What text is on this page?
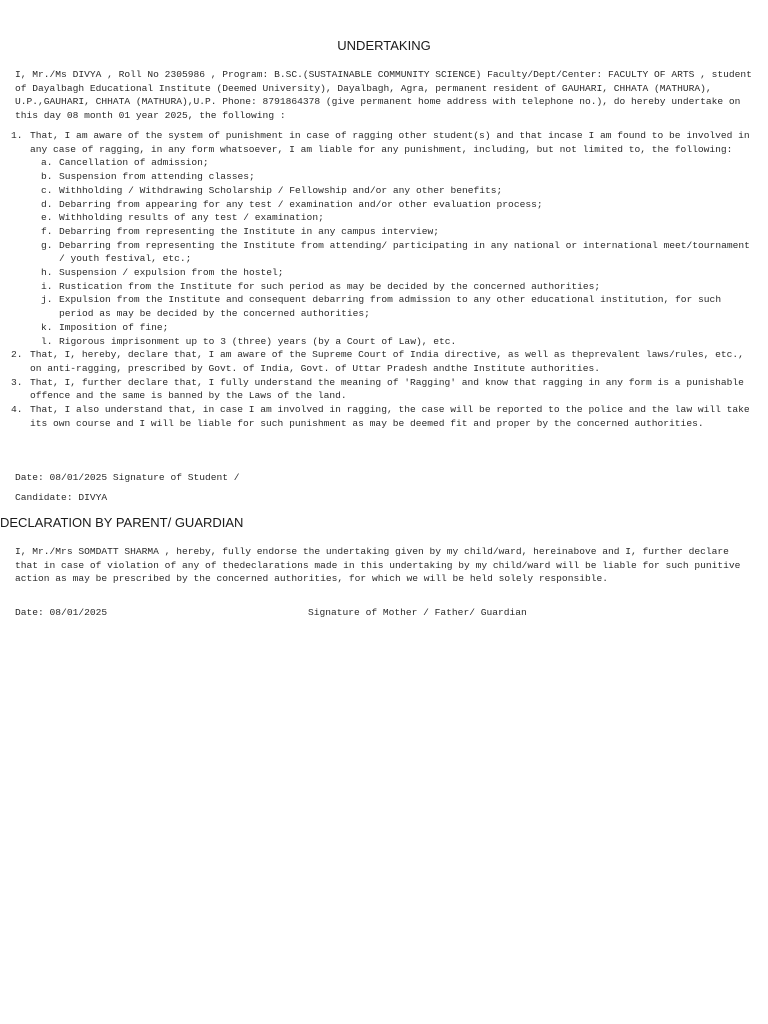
UNDERTAKING

I, Mr./Ms DIVYA , Roll No 2305986 , Program: B.SC.(SUSTAINABLE COMMUNITY SCIENCE) Faculty/Dept/Center: FACULTY OF ARTS , student of Dayalbagh Educational Institute (Deemed University), Dayalbagh, Agra, permanent resident of GAUHARI, CHHATA (MATHURA), U.P.,GAUHARI, CHHATA (MATHURA),U.P. Phone: 8791864378 (give permanent home address with telephone no.), do hereby undertake on this day 08 month 01 year 2025, the following :

1. That, I am aware of the system of punishment in case of ragging other student(s) and that incase I am found to be involved in any case of ragging, in any form whatsoever, I am liable for any punishment, including, but not limited to, the following:
a. Cancellation of admission;
b. Suspension from attending classes;
c. Withholding / Withdrawing Scholarship / Fellowship and/or any other benefits;
d. Debarring from appearing for any test / examination and/or other evaluation process;
e. Withholding results of any test / examination;
f. Debarring from representing the Institute in any campus interview;
g. Debarring from representing the Institute from attending/ participating in any national or international meet/tournament / youth festival, etc.;
h. Suspension / expulsion from the hostel;
i. Rustication from the Institute for such period as may be decided by the concerned authorities;
j. Expulsion from the Institute and consequent debarring from admission to any other educational institution, for such period as may be decided by the concerned authorities;
k. Imposition of fine;
l. Rigorous imprisonment up to 3 (three) years (by a Court of Law), etc.
2. That, I, hereby, declare that, I am aware of the Supreme Court of India directive, as well as theprevalent laws/rules, etc., on anti-ragging, prescribed by Govt. of India, Govt. of Uttar Pradesh andthe Institute authorities.
3. That, I, further declare that, I fully understand the meaning of 'Ragging' and know that ragging in any form is a punishable offence and the same is banned by the Laws of the land.
4. That, I also understand that, in case I am involved in ragging, the case will be reported to the police and the law will take its own course and I will be liable for such punishment as may be deemed fit and proper by the concerned authorities.

Date: 08/01/2025 Signature of Student /

Candidate: DIVYA

DECLARATION BY PARENT/ GUARDIAN

I, Mr./Mrs SOMDATT SHARMA , hereby, fully endorse the undertaking given by my child/ward, hereinabove and I, further declare that in case of violation of any of thedeclarations made in this undertaking by my child/ward will be liable for such punitive action as may be prescribed by the concerned authorities, for which we will be held solely responsible.

Date: 08/01/2025	Signature of Mother / Father/ Guardian
